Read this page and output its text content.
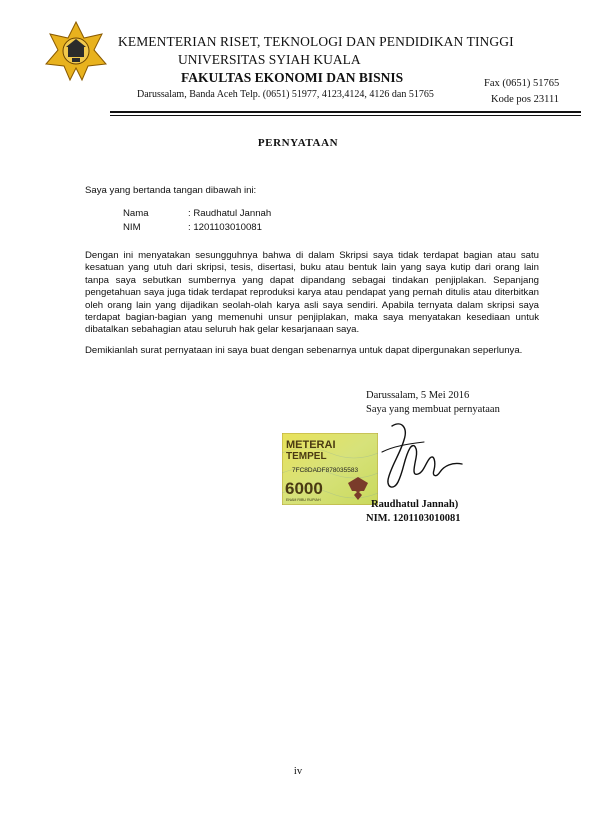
KEMENTERIAN RISET, TEKNOLOGI DAN PENDIDIKAN TINGGI
UNIVERSITAS SYIAH KUALA
FAKULTAS EKONOMI DAN BISNIS
Darussalam, Banda Aceh Telp. (0651) 51977, 4123,4124, 4126 dan 51765
Fax (0651) 51765
Kode pos 23111
PERNYATAAN
Saya yang bertanda tangan dibawah ini:
Nama	: Raudhatul Jannah
NIM	: 1201103010081
Dengan ini menyatakan sesungguhnya bahwa di dalam Skripsi saya tidak terdapat bagian atau satu kesatuan yang utuh dari skripsi, tesis, disertasi, buku atau bentuk lain yang saya kutip dari orang lain tanpa saya sebutkan sumbernya yang dapat dipandang sebagai tindakan penjiplakan. Sepanjang pengetahuan saya juga tidak terdapat reproduksi karya atau pendapat yang pernah ditulis atau diterbitkan oleh orang lain yang dijadikan seolah-olah karya asli saya sendiri. Apabila ternyata dalam skripsi saya terdapat bagian-bagian yang memenuhi unsur penjiplakan, maka saya menyatakan kesediaan untuk dibatalkan sebahagian atau seluruh hak gelar kesarjanaan saya.
Demikianlah surat pernyataan ini saya buat dengan sebenarnya untuk dapat dipergunakan seperlunya.
Darussalam, 5 Mei 2016
Saya yang membuat pernyataan
METERAI
TEMPEL
7FC8DADF878035583
6000
ENAM RIBU RUPIAH	Raudhatul Jannah)
NIM. 1201103010081
iv
